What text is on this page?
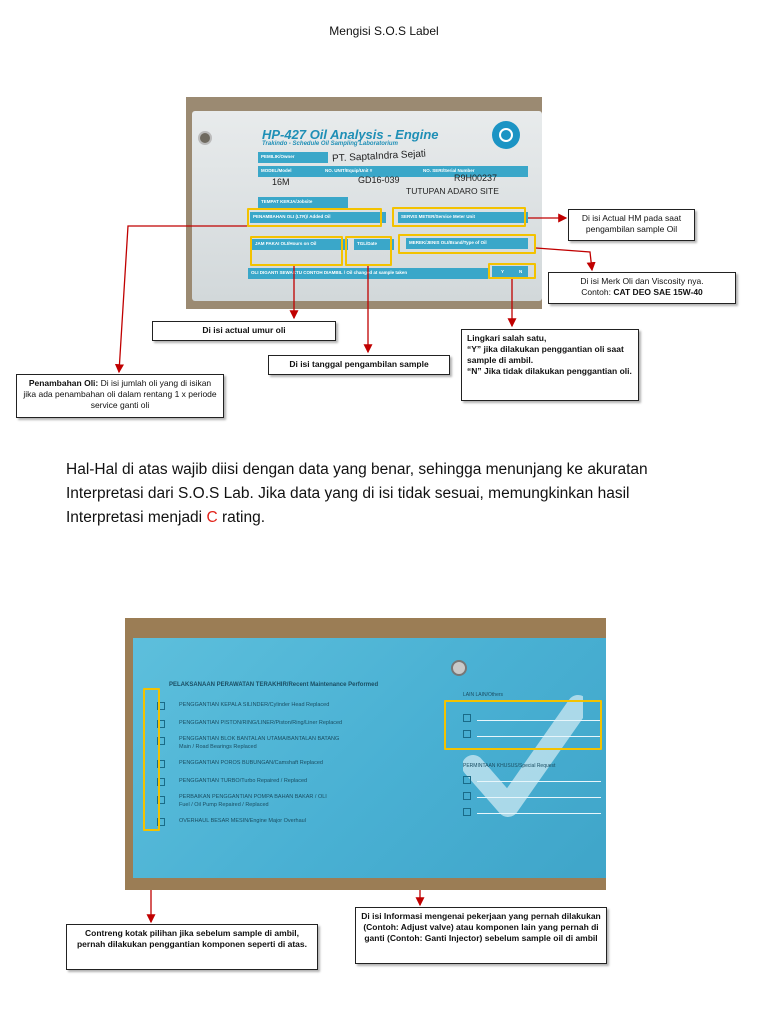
Mengisi S.O.S Label
HP-427 Oil Analysis - Engine
Trakindo - Schedule Oil Sampling Laboratorium
PEMILIK/Owner	PT. SaptaIndra Sejati
MODEL/Model	NO. UNIT/Equip/Unit #	NO. SERI/Serial Number
16M	GD16-039	R9H00237
TEMPAT KERJA/Jobsite
TUTUPAN ADARO SITE
PENAMBAHAN OLI (LTR)/ Added Oil	SERVIS METER/Service Meter Unit
JAM PAKAI OLI/Hours on Oil	TGL/Date	MEREK/JENIS OLI/Brand/Type of Oil
OLI DIGANTI SEWAKTU CONTOH DIAMBIL / Oil changed at sample taken	Y	N
Di isi Actual HM pada saat pengambilan sample Oil
Di isi Merk Oli dan Viscosity nya.
Contoh: CAT DEO SAE 15W-40
Di isi actual umur oli
Lingkari salah satu,
“Y” jika dilakukan penggantian oli saat sample di ambil.
“N” Jika tidak dilakukan penggantian oli.
Di isi tanggal pengambilan sample
Penambahan Oli: Di isi jumlah oli yang di isikan jika ada penambahan oli dalam rentang 1 x periode service ganti oli
Hal-Hal di atas wajib diisi dengan data yang benar, sehingga menunjang ke akuratan Interpretasi dari S.O.S Lab. Jika data yang di isi tidak sesuai, memungkinkan hasil Interpretasi menjadi C rating.
PELAKSANAAN PERAWATAN TERAKHIR/Recent Maintenance Performed
PENGGANTIAN KEPALA SILINDER/Cylinder Head Replaced
PENGGANTIAN PISTON/RING/LINER/Piston/Ring/Liner Replaced
PENGGANTIAN BLOK BANTALAN UTAMA/BANTALAN BATANG
Main / Road Bearings Replaced
PENGGANTIAN POROS BUBUNGAN/Camshaft Replaced
PENGGANTIAN TURBO/Turbo Repaired / Replaced
PERBAIKAN PENGGANTIAN POMPA BAHAN BAKAR / OLI
Fuel / Oil Pump Repaired / Replaced
OVERHAUL BESAR MESIN/Engine Major Overhaul
LAIN LAIN/Others
PERMINTAAN KHUSUS/Special Request
Contreng kotak pilihan jika sebelum sample di ambil, pernah dilakukan penggantian komponen seperti di atas.
Di isi Informasi mengenai pekerjaan yang pernah dilakukan (Contoh: Adjust valve) atau komponen lain yang pernah di ganti (Contoh: Ganti Injector) sebelum sample oil di ambil
